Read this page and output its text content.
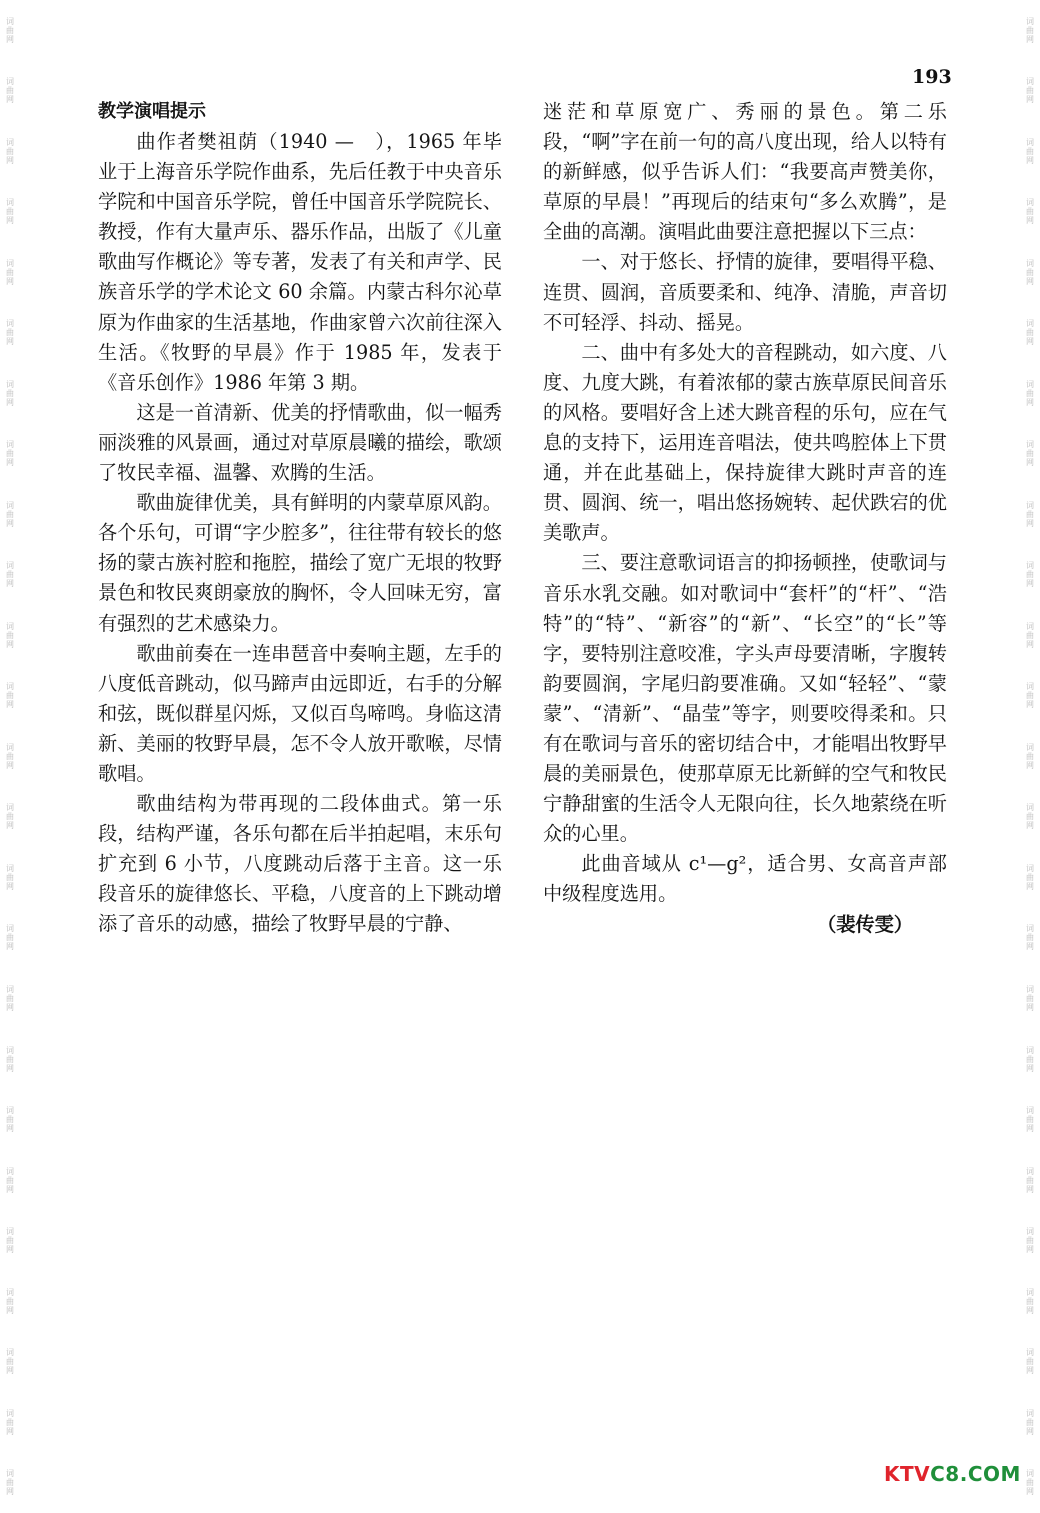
词曲网
词曲网
词曲网
词曲网
词曲网
词曲网
词曲网
词曲网
词曲网
词曲网
词曲网
词曲网
词曲网
词曲网
词曲网
词曲网
词曲网
词曲网
词曲网
词曲网
词曲网
词曲网
词曲网
词曲网
词曲网
词曲网
词曲网
词曲网
词曲网
词曲网
词曲网
词曲网
词曲网
词曲网
词曲网
词曲网
词曲网
词曲网
词曲网
词曲网
词曲网
词曲网
词曲网
词曲网
词曲网
词曲网
词曲网
词曲网
词曲网
词曲网
193
教学演唱提示

曲作者樊祖荫（1940 —　），1965 年毕业于上海音乐学院作曲系，先后任教于中央音乐学院和中国音乐学院，曾任中国音乐学院院长、教授，作有大量声乐、器乐作品，出版了《儿童歌曲写作概论》等专著，发表了有关和声学、民族音乐学的学术论文 60 余篇。内蒙古科尔沁草原为作曲家的生活基地，作曲家曾六次前往深入生活。《牧野的早晨》作于 1985 年，发表于《音乐创作》1986 年第 3 期。

这是一首清新、优美的抒情歌曲，似一幅秀丽淡雅的风景画，通过对草原晨曦的描绘，歌颂了牧民幸福、温馨、欢腾的生活。

歌曲旋律优美，具有鲜明的内蒙草原风韵。各个乐句，可谓“字少腔多”，往往带有较长的悠扬的蒙古族衬腔和拖腔，描绘了宽广无垠的牧野景色和牧民爽朗豪放的胸怀，令人回味无穷，富有强烈的艺术感染力。

歌曲前奏在一连串琶音中奏响主题，左手的八度低音跳动，似马蹄声由远即近，右手的分解和弦，既似群星闪烁，又似百鸟啼鸣。身临这清新、美丽的牧野早晨，怎不令人放开歌喉，尽情歌唱。

歌曲结构为带再现的二段体曲式。第一乐段，结构严谨，各乐句都在后半拍起唱，末乐句扩充到 6 小节，八度跳动后落于主音。这一乐段音乐的旋律悠长、平稳，八度音的上下跳动增添了音乐的动感，描绘了牧野早晨的宁静、

迷茫和草原宽广、秀丽的景色。第二乐段，“啊”字在前一句的高八度出现，给人以特有的新鲜感，似乎告诉人们：“我要高声赞美你，草原的早晨！”再现后的结束句“多么欢腾”，是全曲的高潮。演唱此曲要注意把握以下三点：

一、对于悠长、抒情的旋律，要唱得平稳、连贯、圆润，音质要柔和、纯净、清脆，声音切不可轻浮、抖动、摇晃。

二、曲中有多处大的音程跳动，如六度、八度、九度大跳，有着浓郁的蒙古族草原民间音乐的风格。要唱好含上述大跳音程的乐句，应在气息的支持下，运用连音唱法，使共鸣腔体上下贯通，并在此基础上，保持旋律大跳时声音的连贯、圆润、统一，唱出悠扬婉转、起伏跌宕的优美歌声。

三、要注意歌词语言的抑扬顿挫，使歌词与音乐水乳交融。如对歌词中“套杆”的“杆”、“浩特”的“特”、“新容”的“新”、“长空”的“长”等字，要特别注意咬准，字头声母要清晰，字腹转韵要圆润，字尾归韵要准确。又如“轻轻”、“蒙蒙”、“清新”、“晶莹”等字，则要咬得柔和。只有在歌词与音乐的密切结合中，才能唱出牧野早晨的美丽景色，使那草原无比新鲜的空气和牧民宁静甜蜜的生活令人无限向往，长久地萦绕在听众的心里。

此曲音域从 c¹—g²，适合男、女高音声部中级程度选用。

（裴传雯）

KTVC8.COM
